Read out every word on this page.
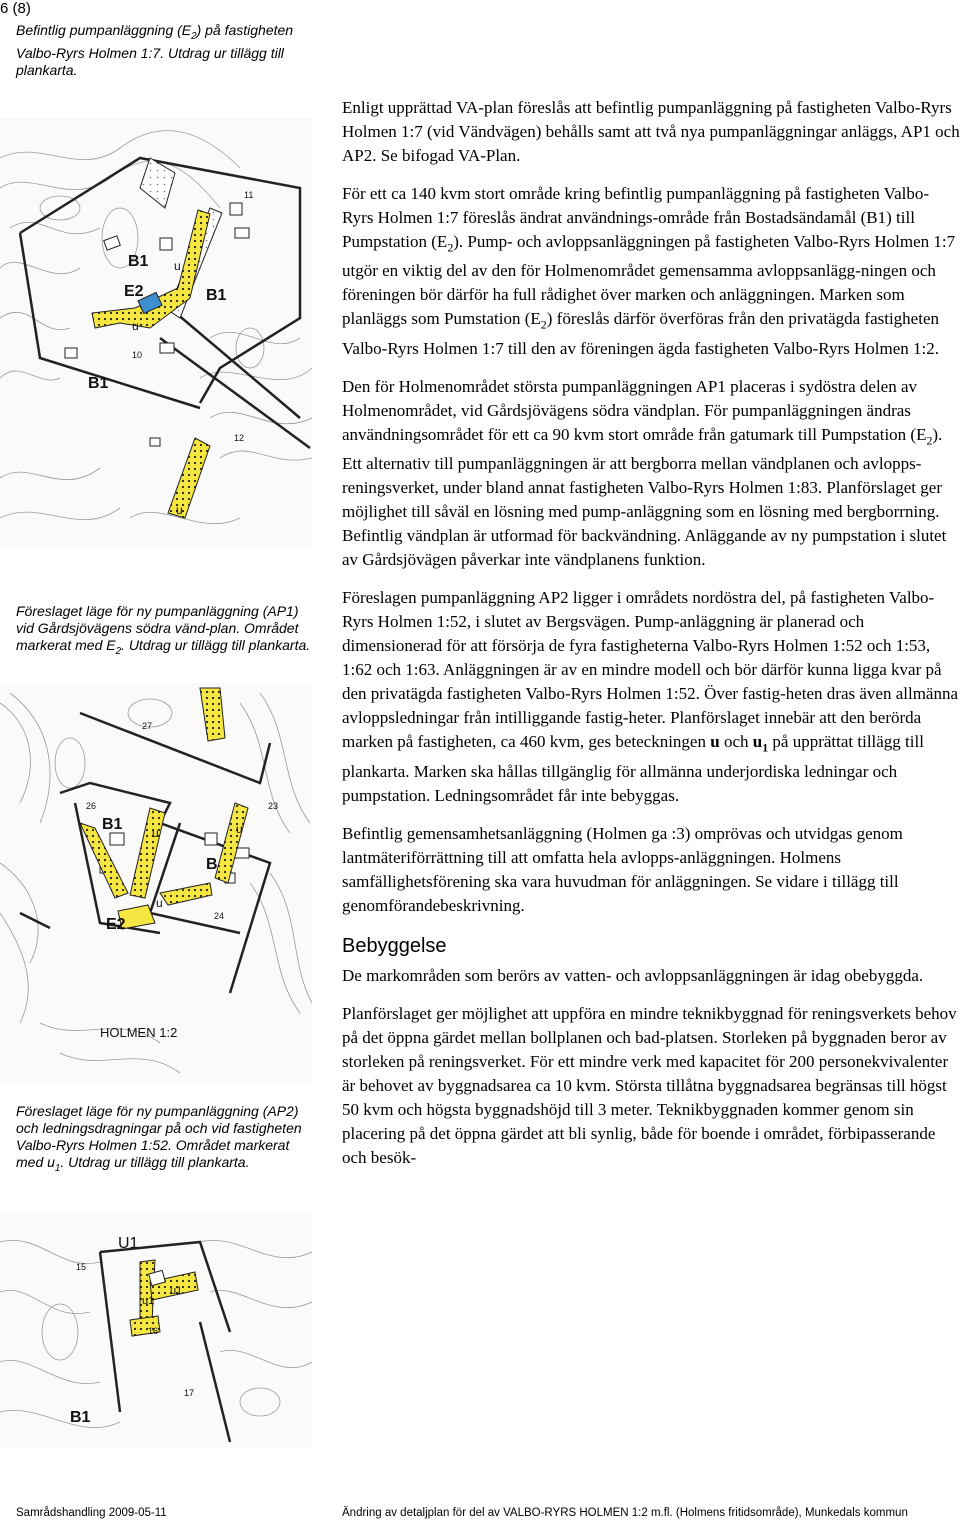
6 (8)

Befintlig pumpanläggning $(E_2)$ på fastigheten Valbo-Ryrs Holmen 1:7. Utdrag ur tillägg till plankarta.

B1
B1
B1
E2
u
u
u
10
11
12

Föreslaget läge för ny pumpanläggning (AP1) vid Gårdsjövägens södra vänd-plan. Området markerat med $E_2$. Utdrag ur tillägg till plankarta.

B1
B
E2
u	u
u
27
26	23
24
HOLMEN 1:2

Föreslaget läge för ny pumpanläggning (AP2) och ledningsdragningar på och vid fastigheten Valbo-Ryrs Holmen 1:52. Området markerat med $u_1$. Utdrag ur tillägg till plankarta.

U1
B1
u1
u1
15
16
17

Enligt upprättad VA-plan föreslås att befintlig pumpanläggning på fastigheten Valbo-Ryrs Holmen 1:7 (vid Vändvägen) behålls samt att två nya pumpanläggningar anläggs, AP1 och AP2. Se bifogad VA-Plan.

För ett ca 140 kvm stort område kring befintlig pumpanläggning på fastigheten Valbo-Ryrs Holmen 1:7 föreslås ändrat användnings-område från Bostadsändamål (B1) till Pumpstation $(E_2)$. Pump- och avloppsanläggningen på fastigheten Valbo-Ryrs Holmen 1:7 utgör en viktig del av den för Holmenområdet gemensamma avloppsanlägg-ningen och föreningen bör därför ha full rådighet över marken och anläggningen. Marken som planläggs som Pumstation $(E_2)$ föreslås därför överföras från den privatägda fastigheten Valbo-Ryrs Holmen 1:7 till den av föreningen ägda fastigheten Valbo-Ryrs Holmen 1:2.

Den för Holmenområdet största pumpanläggningen AP1 placeras i sydöstra delen av Holmenområdet, vid Gårdsjövägens södra vändplan. För pumpanläggningen ändras användningsområdet för ett ca 90 kvm stort område från gatumark till Pumpstation $(E_2)$. Ett alternativ till pumpanläggningen är att bergborra mellan vändplanen och avlopps-reningsverket, under bland annat fastigheten Valbo-Ryrs Holmen 1:83. Planförslaget ger möjlighet till såväl en lösning med pump-anläggning som en lösning med bergborrning. Befintlig vändplan är utformad för backvändning. Anläggande av ny pumpstation i slutet av Gårdsjövägen påverkar inte vändplanens funktion.

Föreslagen pumpanläggning AP2 ligger i områdets nordöstra del, på fastigheten Valbo-Ryrs Holmen 1:52, i slutet av Bergsvägen. Pump-anläggning är planerad och dimensionerad för att försörja de fyra fastigheterna Valbo-Ryrs Holmen 1:52 och 1:53, 1:62 och 1:63. Anläggningen är av en mindre modell och bör därför kunna ligga kvar på den privatägda fastigheten Valbo-Ryrs Holmen 1:52. Över fastig-heten dras även allmänna avloppsledningar från intilliggande fastig-heter. Planförslaget innebär att den berörda marken på fastigheten, ca 460 kvm, ges beteckningen u och $u_1$ på upprättat tillägg till plankarta. Marken ska hållas tillgänglig för allmänna underjordiska ledningar och pumpstation. Ledningsområdet får inte bebyggas.

Befintlig gemensamhetsanläggning (Holmen ga :3) omprövas och utvidgas genom lantmäteriförrättning till att omfatta hela avlopps-anläggningen. Holmens samfällighetsförening ska vara huvudman för anläggningen. Se vidare i tillägg till genomförandebeskrivning.

Bebyggelse

De markområden som berörs av vatten- och avloppsanläggningen är idag obebyggda.

Planförslaget ger möjlighet att uppföra en mindre teknikbyggnad för reningsverkets behov på det öppna gärdet mellan bollplanen och bad-platsen. Storleken på byggnaden beror av storleken på reningsverket. För ett mindre verk med kapacitet för 200 personekvivalenter är behovet av byggnadsarea ca 10 kvm. Största tillåtna byggnadsarea begränsas till högst 50 kvm och högsta byggnadshöjd till 3 meter. Teknikbyggnaden kommer genom sin placering på det öppna gärdet att bli synlig, både för boende i området, förbipasserande och besök-

Samrådshandling 2009-05-11	Ändring av detaljplan för del av VALBO-RYRS HOLMEN 1:2 m.fl. (Holmens fritidsområde), Munkedals kommun
